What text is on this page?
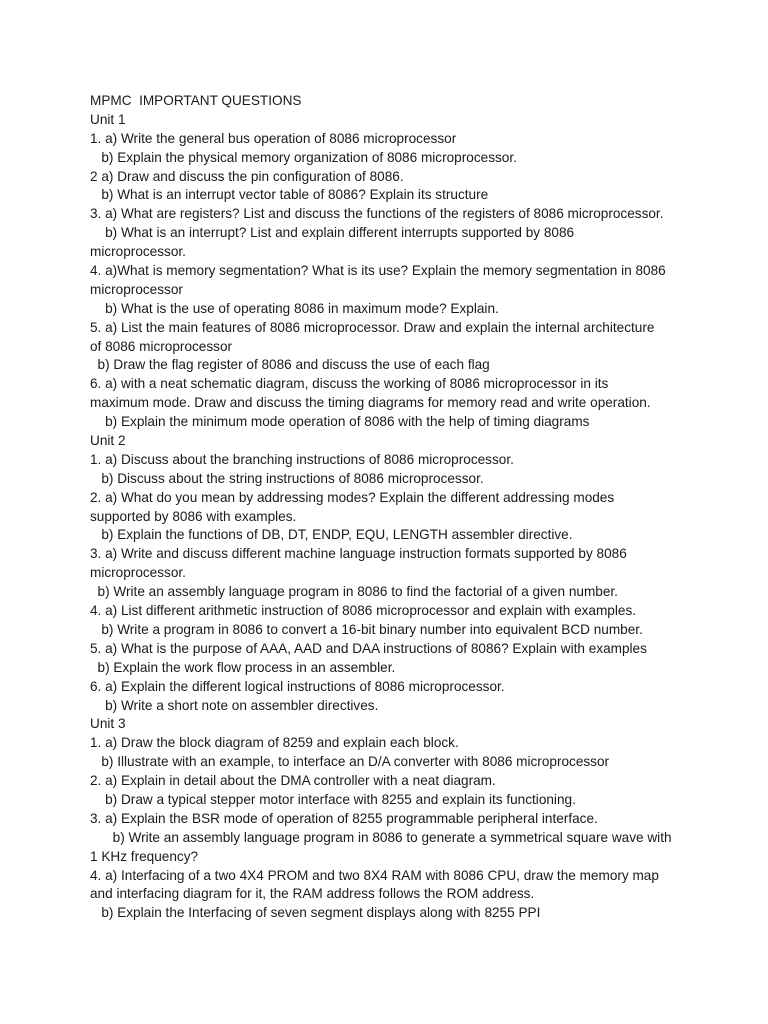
MPMC  IMPORTANT QUESTIONS
Unit 1
1. a) Write the general bus operation of 8086 microprocessor
b) Explain the physical memory organization of 8086 microprocessor.
2 a) Draw and discuss the pin configuration of 8086.
b) What is an interrupt vector table of 8086? Explain its structure
3. a) What are registers? List and discuss the functions of the registers of 8086 microprocessor.
b) What is an interrupt? List and explain different interrupts supported by 8086
microprocessor.
4. a)What is memory segmentation? What is its use? Explain the memory segmentation in 8086
microprocessor
b) What is the use of operating 8086 in maximum mode? Explain.
5. a) List the main features of 8086 microprocessor. Draw and explain the internal architecture
of 8086 microprocessor
b) Draw the flag register of 8086 and discuss the use of each flag
6. a) with a neat schematic diagram, discuss the working of 8086 microprocessor in its
maximum mode. Draw and discuss the timing diagrams for memory read and write operation.
b) Explain the minimum mode operation of 8086 with the help of timing diagrams
Unit 2
1. a) Discuss about the branching instructions of 8086 microprocessor.
b) Discuss about the string instructions of 8086 microprocessor.
2. a) What do you mean by addressing modes? Explain the different addressing modes
supported by 8086 with examples.
b) Explain the functions of DB, DT, ENDP, EQU, LENGTH assembler directive.
3. a) Write and discuss different machine language instruction formats supported by 8086
microprocessor.
b) Write an assembly language program in 8086 to find the factorial of a given number.
4. a) List different arithmetic instruction of 8086 microprocessor and explain with examples.
b) Write a program in 8086 to convert a 16-bit binary number into equivalent BCD number.
5. a) What is the purpose of AAA, AAD and DAA instructions of 8086? Explain with examples
b) Explain the work flow process in an assembler.
6. a) Explain the different logical instructions of 8086 microprocessor.
b) Write a short note on assembler directives.
Unit 3
1. a) Draw the block diagram of 8259 and explain each block.
b) Illustrate with an example, to interface an D/A converter with 8086 microprocessor
2. a) Explain in detail about the DMA controller with a neat diagram.
b) Draw a typical stepper motor interface with 8255 and explain its functioning.
3. a) Explain the BSR mode of operation of 8255 programmable peripheral interface.
b) Write an assembly language program in 8086 to generate a symmetrical square wave with
1 KHz frequency?
4. a) Interfacing of a two 4X4 PROM and two 8X4 RAM with 8086 CPU, draw the memory map
and interfacing diagram for it, the RAM address follows the ROM address.
b) Explain the Interfacing of seven segment displays along with 8255 PPI
